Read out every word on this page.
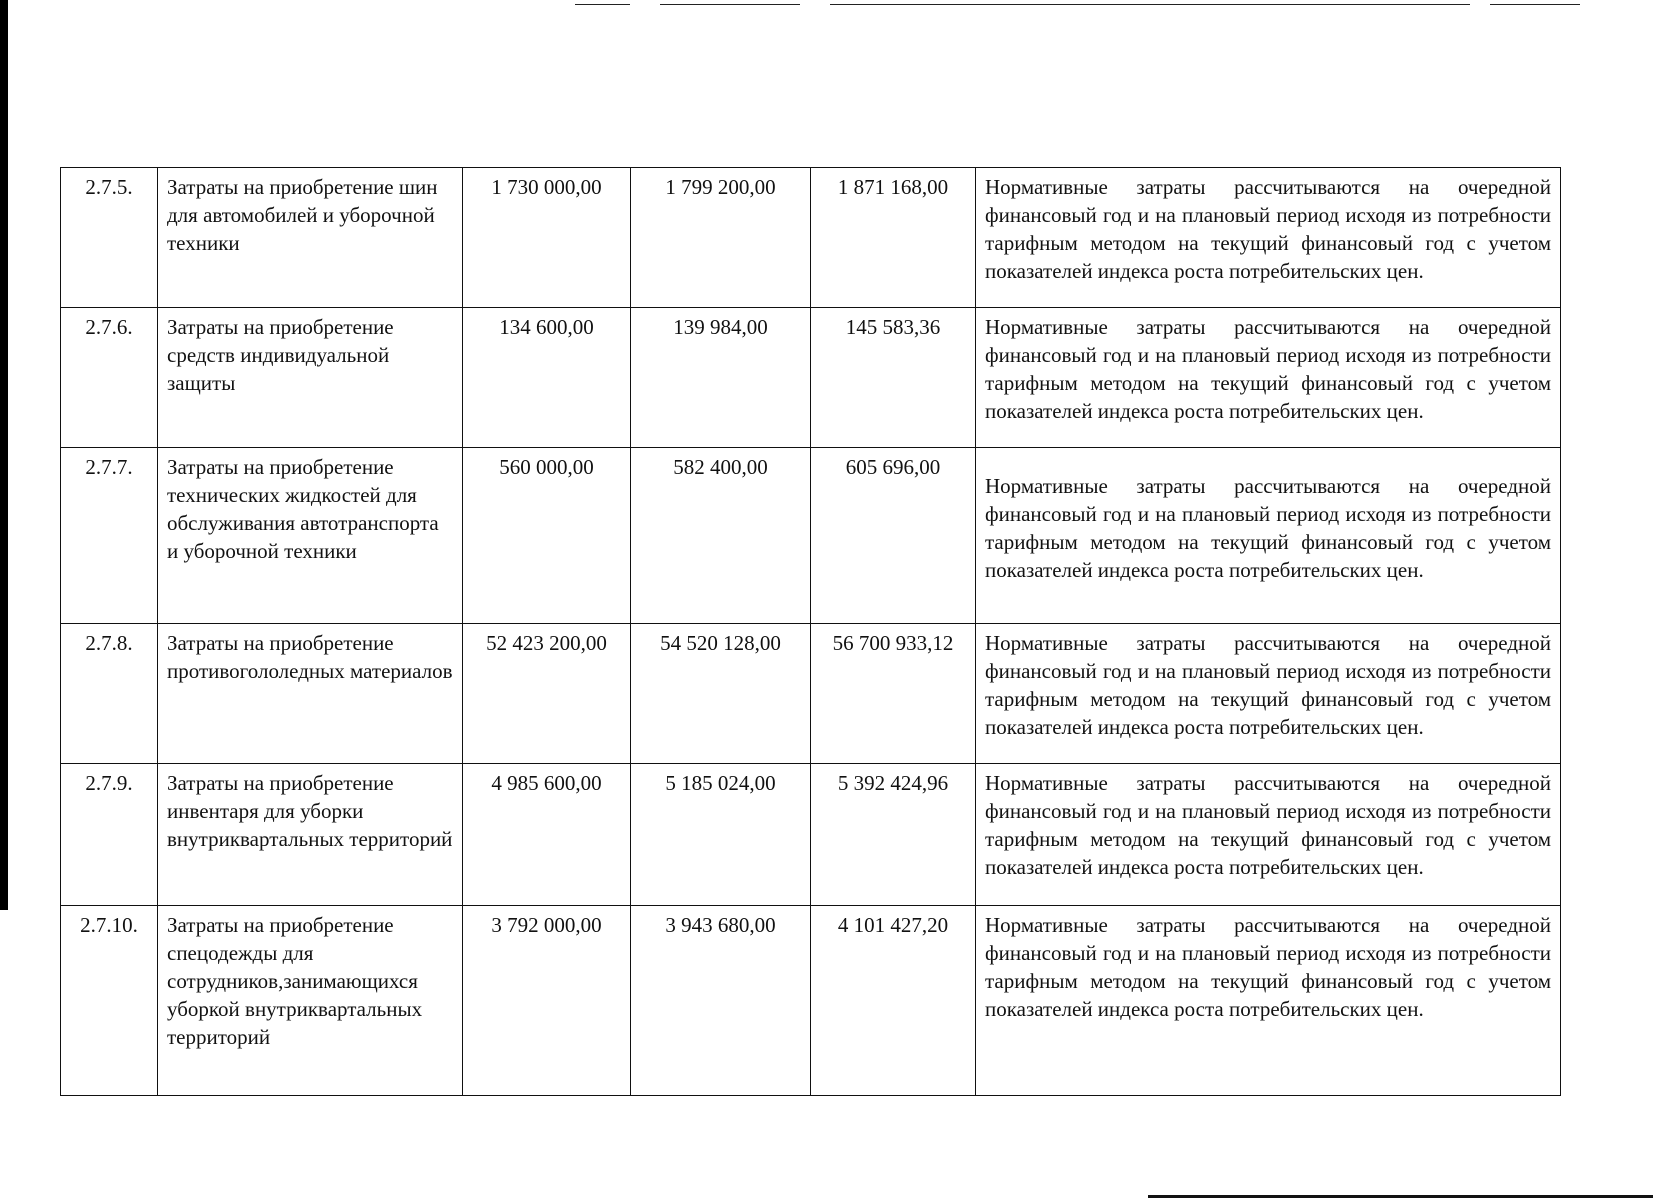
2.7.5.	Затраты на приобретение шин для автомобилей и уборочной техники	1 730 000,00	1 799 200,00	1 871 168,00	Нормативные затраты рассчитываются на очередной финансовый год и на плановый период исходя из потребности тарифным методом на текущий финансовый год с учетом показателей индекса роста потребительских цен.
2.7.6.	Затраты на приобретение средств индивидуальной защиты	134 600,00	139 984,00	145 583,36	Нормативные затраты рассчитываются на очередной финансовый год и на плановый период исходя из потребности тарифным методом на текущий финансовый год с учетом показателей индекса роста потребительских цен.
2.7.7.	Затраты на приобретение технических жидкостей для обслуживания автотранспорта и уборочной техники	560 000,00	582 400,00	605 696,00	Нормативные затраты рассчитываются на очередной финансовый год и на плановый период исходя из потребности тарифным методом на текущий финансовый год с учетом показателей индекса роста потребительских цен.
2.7.8.	Затраты на приобретение противогололедных материалов	52 423 200,00	54 520 128,00	56 700 933,12	Нормативные затраты рассчитываются на очередной финансовый год и на плановый период исходя из потребности тарифным методом на текущий финансовый год с учетом показателей индекса роста потребительских цен.
2.7.9.	Затраты на приобретение инвентаря для уборки внутриквартальных территорий	4 985 600,00	5 185 024,00	5 392 424,96	Нормативные затраты рассчитываются на очередной финансовый год и на плановый период исходя из потребности тарифным методом на текущий финансовый год с учетом показателей индекса роста потребительских цен.
2.7.10.	Затраты на приобретение спецодежды для сотрудников,занимающихся уборкой внутриквартальных территорий	3 792 000,00	3 943 680,00	4 101 427,20	Нормативные затраты рассчитываются на очередной финансовый год и на плановый период исходя из потребности тарифным методом на текущий финансовый год с учетом показателей индекса роста потребительских цен.
